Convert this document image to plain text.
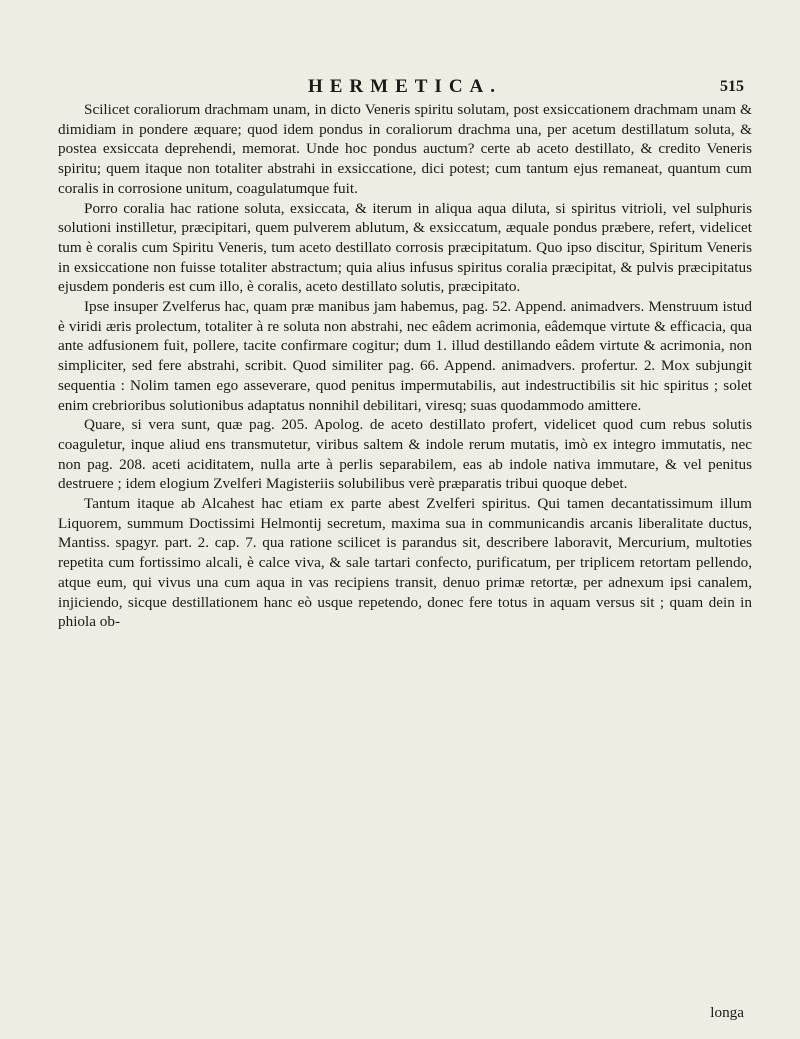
HERMETICA.	515

Scilicet coraliorum drachmam unam, in dicto Veneris spiritu solutam, post exsiccationem drachmam unam & dimidiam in pondere æquare; quod idem pondus in coraliorum drachma una, per acetum destillatum soluta, & postea exsiccata deprehendi, memorat. Unde hoc pondus auctum? certe ab aceto destillato, & credito Veneris spiritu; quem itaque non totaliter abstrahi in exsiccatione, dici potest; cum tantum ejus remaneat, quantum cum coralis in corrosione unitum, coagulatumque fuit.

Porro coralia hac ratione soluta, exsiccata, & iterum in aliqua aqua diluta, si spiritus vitrioli, vel sulphuris solutioni instilletur, præcipitari, quem pulverem ablutum, & exsiccatum, æquale pondus præbere, refert, videlicet tum è coralis cum Spiritu Veneris, tum aceto destillato corrosis præcipitatum. Quo ipso discitur, Spiritum Veneris in exsiccatione non fuisse totaliter abstractum; quia alius infusus spiritus coralia præcipitat, & pulvis præcipitatus ejusdem ponderis est cum illo, è coralis, aceto destillato solutis, præcipitato.

Ipse insuper Zvelferus hac, quam præ manibus jam habemus, pag. 52. Append. animadvers. Menstruum istud è viridi æris prolectum, totaliter à re soluta non abstrahi, nec eâdem acrimonia, eâdemque virtute & efficacia, qua ante adfusionem fuit, pollere, tacite confirmare cogitur; dum 1. illud destillando eâdem virtute & acrimonia, non simpliciter, sed fere abstrahi, scribit. Quod similiter pag. 66. Append. animadvers. profertur. 2. Mox subjungit sequentia : Nolim tamen ego asseverare, quod penitus impermutabilis, aut indestructibilis sit hic spiritus ; solet enim crebrioribus solutionibus adaptatus nonnihil debilitari, viresq; suas quodammodo amittere.

Quare, si vera sunt, quæ pag. 205. Apolog. de aceto destillato profert, videlicet quod cum rebus solutis coaguletur, inque aliud ens transmutetur, viribus saltem & indole rerum mutatis, imò ex integro immutatis, nec non pag. 208. aceti aciditatem, nulla arte à perlis separabilem, eas ab indole nativa immutare, & vel penitus destruere ; idem elogium Zvelferi Magisteriis solubilibus verè præparatis tribui quoque debet.

Tantum itaque ab Alcahest hac etiam ex parte abest Zvelferi spiritus. Qui tamen decantatissimum illum Liquorem, summum Doctissimi Helmontij secretum, maxima sua in communicandis arcanis liberalitate ductus, Mantiss. spagyr. part. 2. cap. 7. qua ratione scilicet is parandus sit, describere laboravit, Mercurium, multoties repetita cum fortissimo alcali, è calce viva, & sale tartari confecto, purificatum, per triplicem retortam pellendo, atque eum, qui vivus una cum aqua in vas recipiens transit, denuo primæ retortæ, per adnexum ipsi canalem, injiciendo, sicque destillationem hanc eò usque repetendo, donec fere totus in aquam versus sit ; quam dein in phiola ob-

longa
